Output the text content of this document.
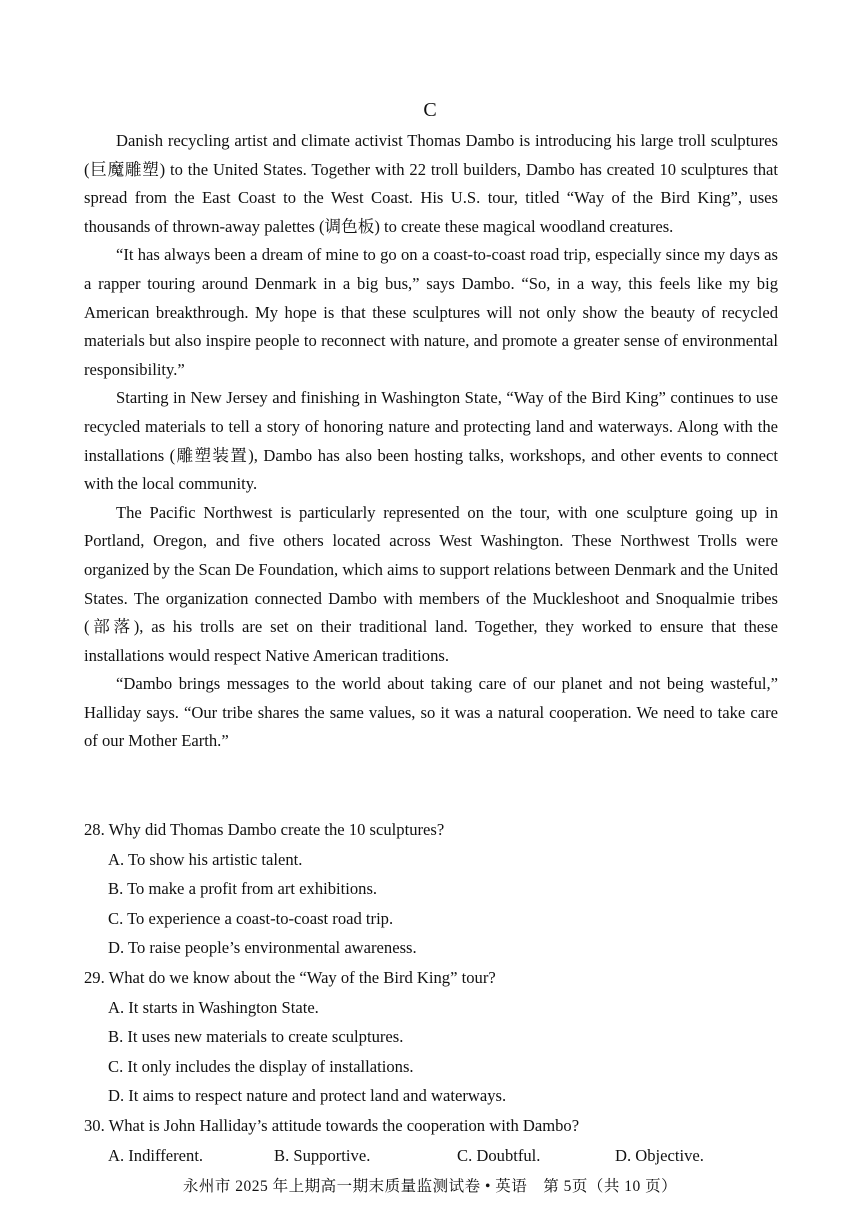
C

Danish recycling artist and climate activist Thomas Dambo is introducing his large troll sculptures (巨魔雕塑) to the United States. Together with 22 troll builders, Dambo has created 10 sculptures that spread from the East Coast to the West Coast. His U.S. tour, titled “Way of the Bird King”, uses thousands of thrown-away palettes (调色板) to create these magical woodland creatures.

“It has always been a dream of mine to go on a coast-to-coast road trip, especially since my days as a rapper touring around Denmark in a big bus,” says Dambo. “So, in a way, this feels like my big American breakthrough. My hope is that these sculptures will not only show the beauty of recycled materials but also inspire people to reconnect with nature, and promote a greater sense of environmental responsibility.”

Starting in New Jersey and finishing in Washington State, “Way of the Bird King” continues to use recycled materials to tell a story of honoring nature and protecting land and waterways. Along with the installations (雕塑装置), Dambo has also been hosting talks, workshops, and other events to connect with the local community.

The Pacific Northwest is particularly represented on the tour, with one sculpture going up in Portland, Oregon, and five others located across West Washington. These Northwest Trolls were organized by the Scan De Foundation, which aims to support relations between Denmark and the United States. The organization connected Dambo with members of the Muckleshoot and Snoqualmie tribes (部落), as his trolls are set on their traditional land. Together, they worked to ensure that these installations would respect Native American traditions.

“Dambo brings messages to the world about taking care of our planet and not being wasteful,” Halliday says. “Our tribe shares the same values, so it was a natural cooperation. We need to take care of our Mother Earth.”

28. Why did Thomas Dambo create the 10 sculptures?

A. To show his artistic talent.

B. To make a profit from art exhibitions.

C. To experience a coast-to-coast road trip.

D. To raise people’s environmental awareness.

29. What do we know about the “Way of the Bird King” tour?

A. It starts in Washington State.

B. It uses new materials to create sculptures.

C. It only includes the display of installations.

D. It aims to respect nature and protect land and waterways.

30. What is John Halliday’s attitude towards the cooperation with Dambo?

A. Indifferent.	B. Supportive.	C. Doubtful.	D. Objective.
永州市 2025 年上期高一期末质量监测试卷 • 英语　第 5页（共 10 页）
